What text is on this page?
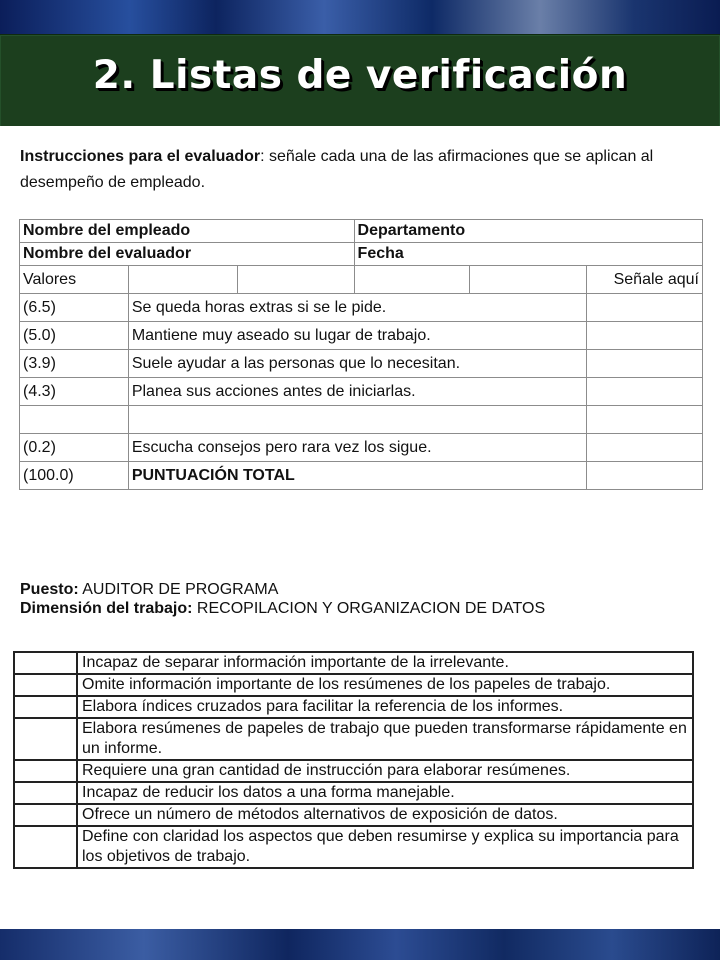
2. Listas de verificación
Instrucciones para el evaluador: señale cada una de las afirmaciones que se aplican al desempeño de empleado.
Nombre del empleado			Departamento		
Nombre del evaluador			Fecha		
Valores					Señale aquí
(6.5)	Se queda horas extras si se le pide.				
(5.0)	Mantiene muy aseado su lugar de trabajo.				
(3.9)	Suele ayudar a las personas que lo necesitan.				
(4.3)	Planea sus acciones antes de iniciarlas.				

(0.2)	Escucha consejos pero rara vez los sigue.				
(100.0)	PUNTUACIÓN TOTAL				
Puesto: AUDITOR DE PROGRAMA
Dimensión del trabajo: RECOPILACION Y ORGANIZACION DE DATOS
	Incapaz de separar información importante de la irrelevante.
	Omite información importante de los resúmenes de los papeles de trabajo.
	Elabora índices cruzados para facilitar la referencia de los informes.
	Elabora resúmenes de papeles de trabajo que pueden transformarse rápidamente en un informe.
	Requiere una gran cantidad de instrucción para elaborar resúmenes.
	Incapaz de reducir los datos a una forma manejable.
	Ofrece un número de métodos alternativos de exposición de datos.
	Define con claridad los aspectos que deben resumirse y explica su importancia para los objetivos de trabajo.
